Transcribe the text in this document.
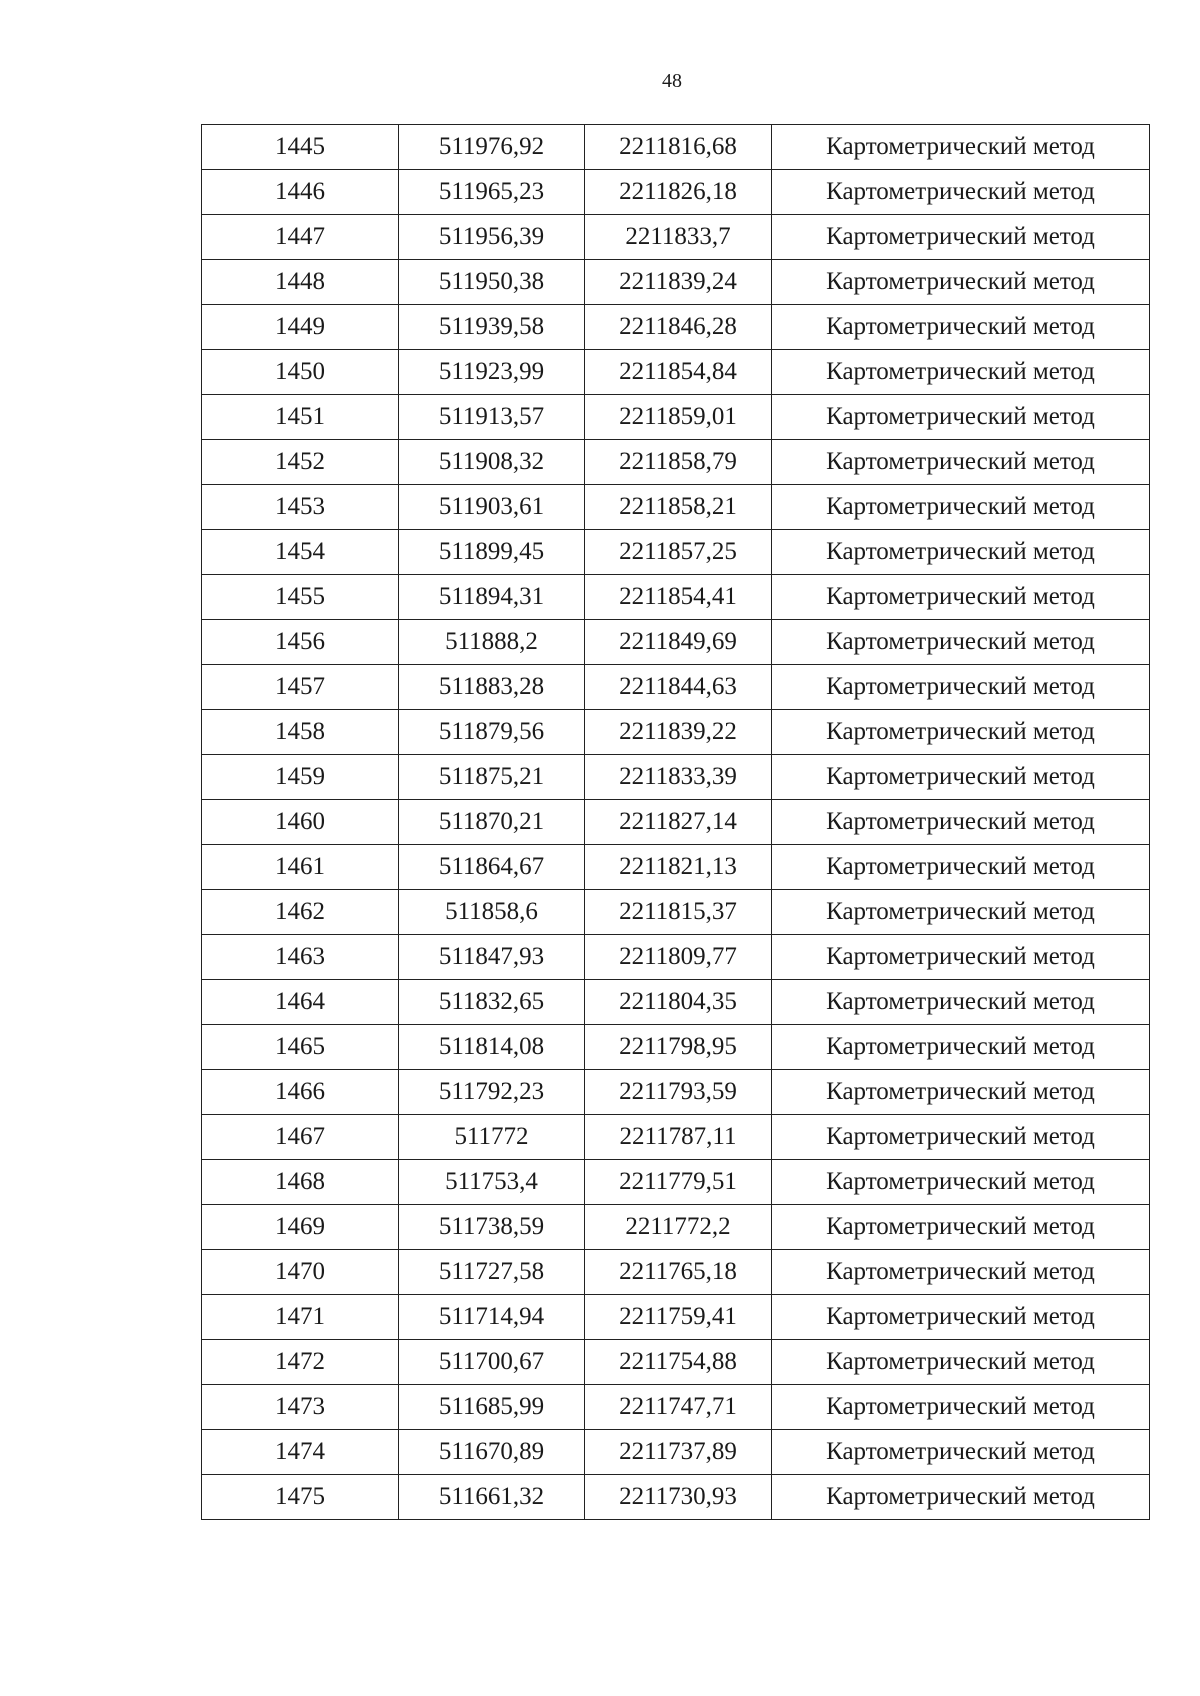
48
1445	511976,92	2211816,68	Картометрический метод
1446	511965,23	2211826,18	Картометрический метод
1447	511956,39	2211833,7	Картометрический метод
1448	511950,38	2211839,24	Картометрический метод
1449	511939,58	2211846,28	Картометрический метод
1450	511923,99	2211854,84	Картометрический метод
1451	511913,57	2211859,01	Картометрический метод
1452	511908,32	2211858,79	Картометрический метод
1453	511903,61	2211858,21	Картометрический метод
1454	511899,45	2211857,25	Картометрический метод
1455	511894,31	2211854,41	Картометрический метод
1456	511888,2	2211849,69	Картометрический метод
1457	511883,28	2211844,63	Картометрический метод
1458	511879,56	2211839,22	Картометрический метод
1459	511875,21	2211833,39	Картометрический метод
1460	511870,21	2211827,14	Картометрический метод
1461	511864,67	2211821,13	Картометрический метод
1462	511858,6	2211815,37	Картометрический метод
1463	511847,93	2211809,77	Картометрический метод
1464	511832,65	2211804,35	Картометрический метод
1465	511814,08	2211798,95	Картометрический метод
1466	511792,23	2211793,59	Картометрический метод
1467	511772	2211787,11	Картометрический метод
1468	511753,4	2211779,51	Картометрический метод
1469	511738,59	2211772,2	Картометрический метод
1470	511727,58	2211765,18	Картометрический метод
1471	511714,94	2211759,41	Картометрический метод
1472	511700,67	2211754,88	Картометрический метод
1473	511685,99	2211747,71	Картометрический метод
1474	511670,89	2211737,89	Картометрический метод
1475	511661,32	2211730,93	Картометрический метод
